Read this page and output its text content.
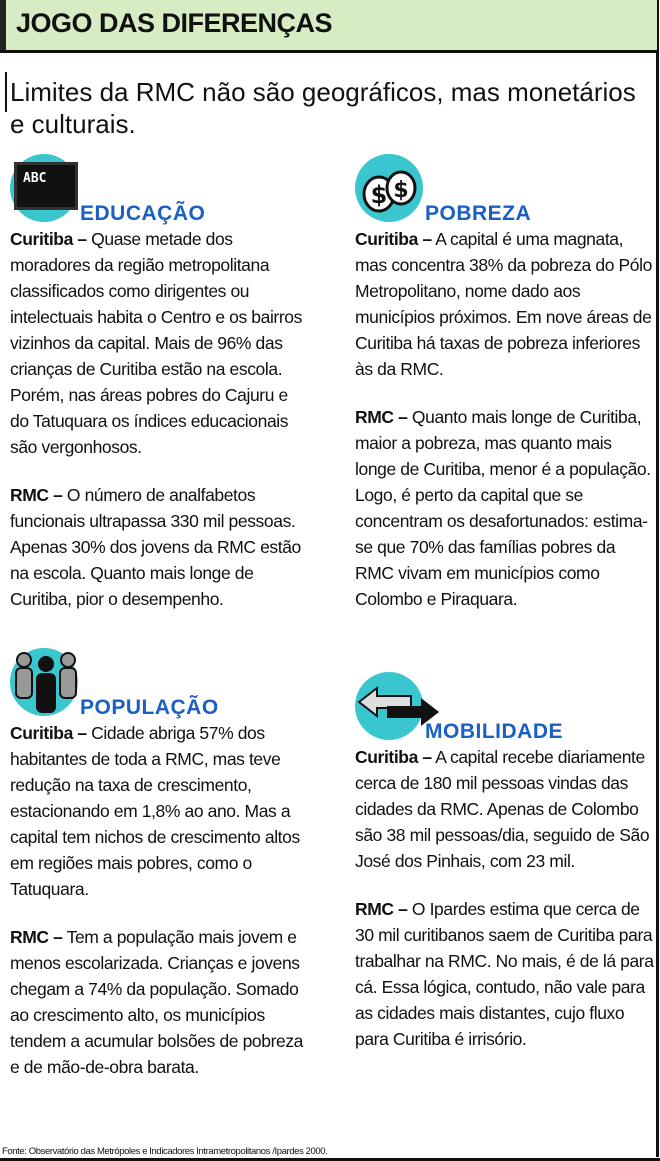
JOGO DAS DIFERENÇAS

Limites da RMC não são geográficos, mas monetários e culturais.

ABC
EDUCAÇÃO

Curitiba – Quase metade dos moradores da região metropolitana classificados como dirigentes ou intelectuais habita o Centro e os bairros vizinhos da capital. Mais de 96% das crianças de Curitiba estão na escola. Porém, nas áreas pobres do Cajuru e do Tatuquara os índices educacionais são vergonhosos.

RMC – O número de analfabetos funcionais ultrapassa 330 mil pessoas. Apenas 30% dos jovens da RMC estão na escola. Quanto mais longe de Curitiba, pior o desempenho.

$ $
POBREZA

Curitiba – A capital é uma magnata, mas concentra 38% da pobreza do Pólo Metropolitano, nome dado aos municípios próximos. Em nove áreas de Curitiba há taxas de pobreza inferiores às da RMC.

RMC – Quanto mais longe de Curitiba, maior a pobreza, mas quanto mais longe de Curitiba, menor é a população. Logo, é perto da capital que se concentram os desafortunados: estima-se que 70% das famílias pobres da RMC vivam em municípios como Colombo e Piraquara.

POPULAÇÃO

Curitiba – Cidade abriga 57% dos habitantes de toda a RMC, mas teve redução na taxa de crescimento, estacionando em 1,8% ao ano. Mas a capital tem nichos de crescimento altos em regiões mais pobres, como o Tatuquara.

RMC – Tem a população mais jovem e menos escolarizada. Crianças e jovens chegam a 74% da população. Somado ao crescimento alto, os municípios tendem a acumular bolsões de pobreza e de mão-de-obra barata.

MOBILIDADE

Curitiba – A capital recebe diariamente cerca de 180 mil pessoas vindas das cidades da RMC. Apenas de Colombo são 38 mil pessoas/dia, seguido de São José dos Pinhais, com 23 mil.

RMC – O Ipardes estima que cerca de 30 mil curitibanos saem de Curitiba para trabalhar na RMC. No mais, é de lá para cá. Essa lógica, contudo, não vale para as cidades mais distantes, cujo fluxo para Curitiba é irrisório.

Fonte: Observatório das Metrópoles e Indicadores Intrametropolitanos /Ipardes 2000.
